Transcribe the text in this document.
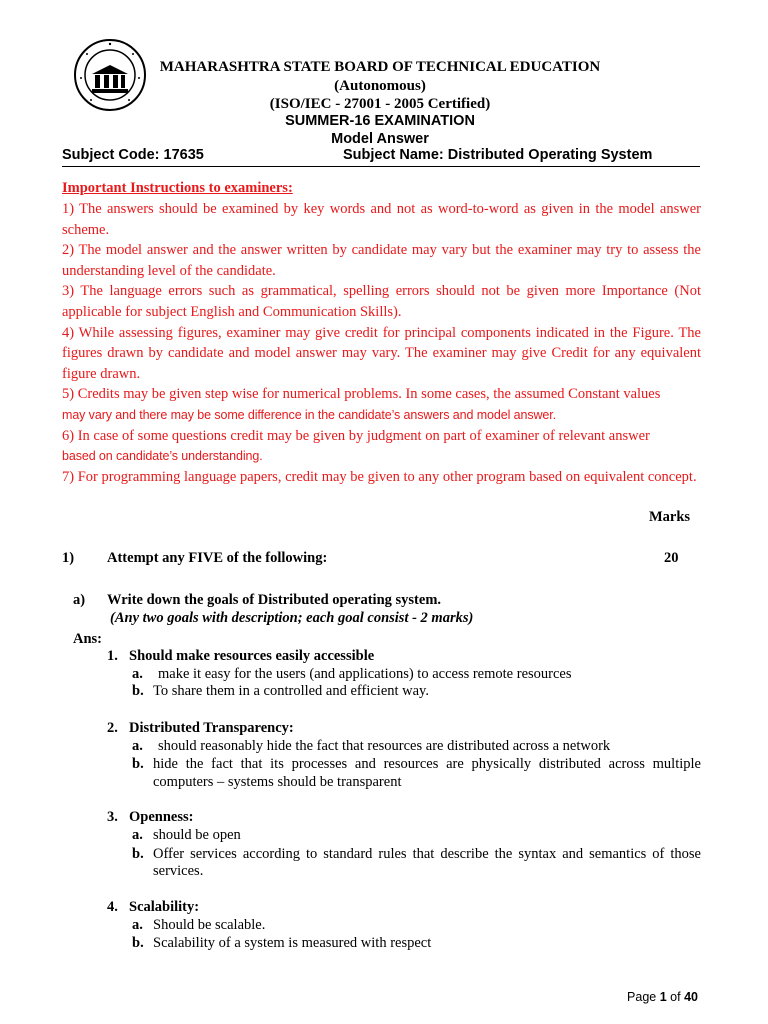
MAHARASHTRA STATE BOARD OF TECHNICAL EDUCATION
(Autonomous)
(ISO/IEC - 27001 - 2005 Certified)
SUMMER-16 EXAMINATION
Model Answer
Subject Code: 17635	Subject Name: Distributed Operating System
Important Instructions to examiners:

1) The answers should be examined by key words and not as word-to-word as given in the model answer scheme.

2) The model answer and the answer written by candidate may vary but the examiner may try to assess the understanding level of the candidate.

3) The language errors such as grammatical, spelling errors should not be given more Importance (Not applicable for subject English and Communication Skills).

4) While assessing figures, examiner may give credit for principal components indicated in the Figure. The figures drawn by candidate and model answer may vary. The examiner may give Credit for any equivalent figure drawn.

5) Credits may be given step wise for numerical problems. In some cases, the assumed Constant values

may vary and there may be some difference in the candidate’s answers and model answer.

6) In case of some questions credit may be given by judgment on part of examiner of relevant answer

based on candidate’s understanding.

7) For programming language papers, credit may be given to any other program based on equivalent concept.

Marks
1) Attempt any FIVE of the following:	20
a) Write down the goals of Distributed operating system.
(Any two goals with description; each goal consist - 2 marks)
Ans:
1. Should make resources easily accessible
a. make it easy for the users (and applications) to access remote resources
b. To share them in a controlled and efficient way.
2. Distributed Transparency:
a. should reasonably hide the fact that resources are distributed across a network
b. hide the fact that its processes and resources are physically distributed across multiple
computers – systems should be transparent
3. Openness:
a. should be open
b. Offer services according to standard rules that describe the syntax and semantics of those
services.
4. Scalability:
a. Should be scalable.
b. Scalability of a system is measured with respect
Page 1 of 40
